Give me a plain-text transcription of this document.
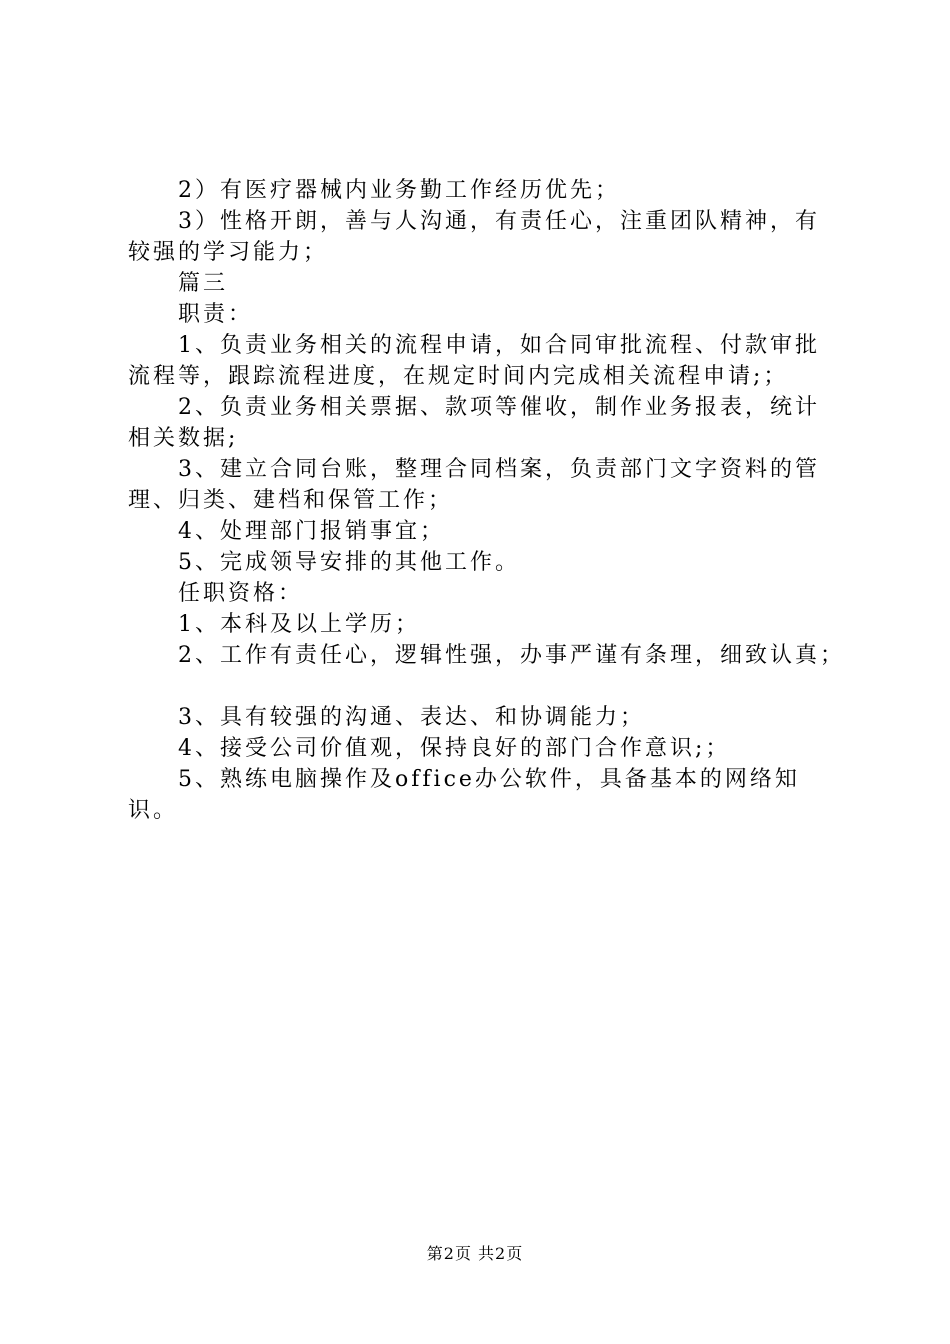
2）有医疗器械内业务勤工作经历优先；
3）性格开朗，善与人沟通，有责任心，注重团队精神，有
较强的学习能力；
篇三
职责：
1、负责业务相关的流程申请，如合同审批流程、付款审批
流程等，跟踪流程进度，在规定时间内完成相关流程申请;；
2、负责业务相关票据、款项等催收，制作业务报表，统计
相关数据;
3、建立合同台账，整理合同档案，负责部门文字资料的管
理、归类、建档和保管工作；
4、处理部门报销事宜；
5、完成领导安排的其他工作。
任职资格：
1、本科及以上学历；
2、工作有责任心，逻辑性强，办事严谨有条理，细致认真；
3、具有较强的沟通、表达、和协调能力；
4、接受公司价值观，保持良好的部门合作意识;；
5、熟练电脑操作及office办公软件，具备基本的网络知
识。
第2页 共2页
